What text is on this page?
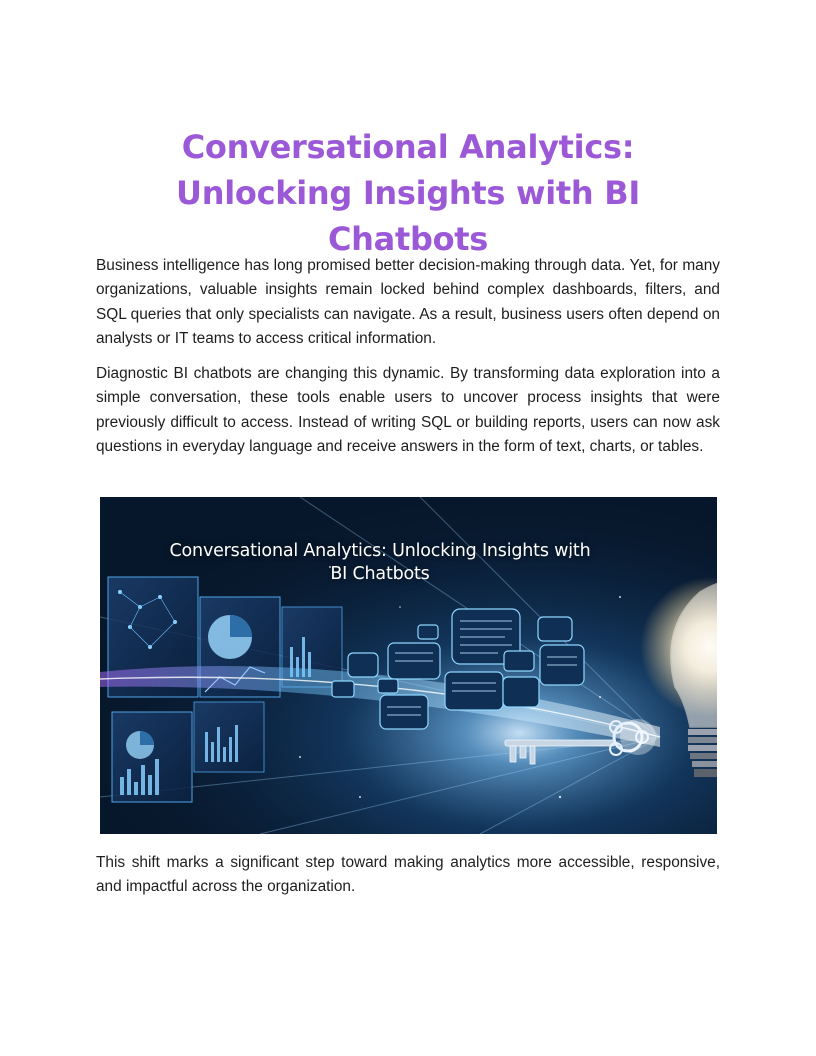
Conversational Analytics: Unlocking Insights with BI Chatbots

Business intelligence has long promised better decision-making through data. Yet, for many organizations, valuable insights remain locked behind complex dashboards, filters, and SQL queries that only specialists can navigate. As a result, business users often depend on analysts or IT teams to access critical information.

Diagnostic BI chatbots are changing this dynamic. By transforming data exploration into a simple conversation, these tools enable users to uncover process insights that were previously difficult to access. Instead of writing SQL or building reports, users can now ask questions in everyday language and receive answers in the form of text, charts, or tables.

Conversational Analytics: Unlocking Insights with BI Chatbots

This shift marks a significant step toward making analytics more accessible, responsive, and impactful across the organization.
